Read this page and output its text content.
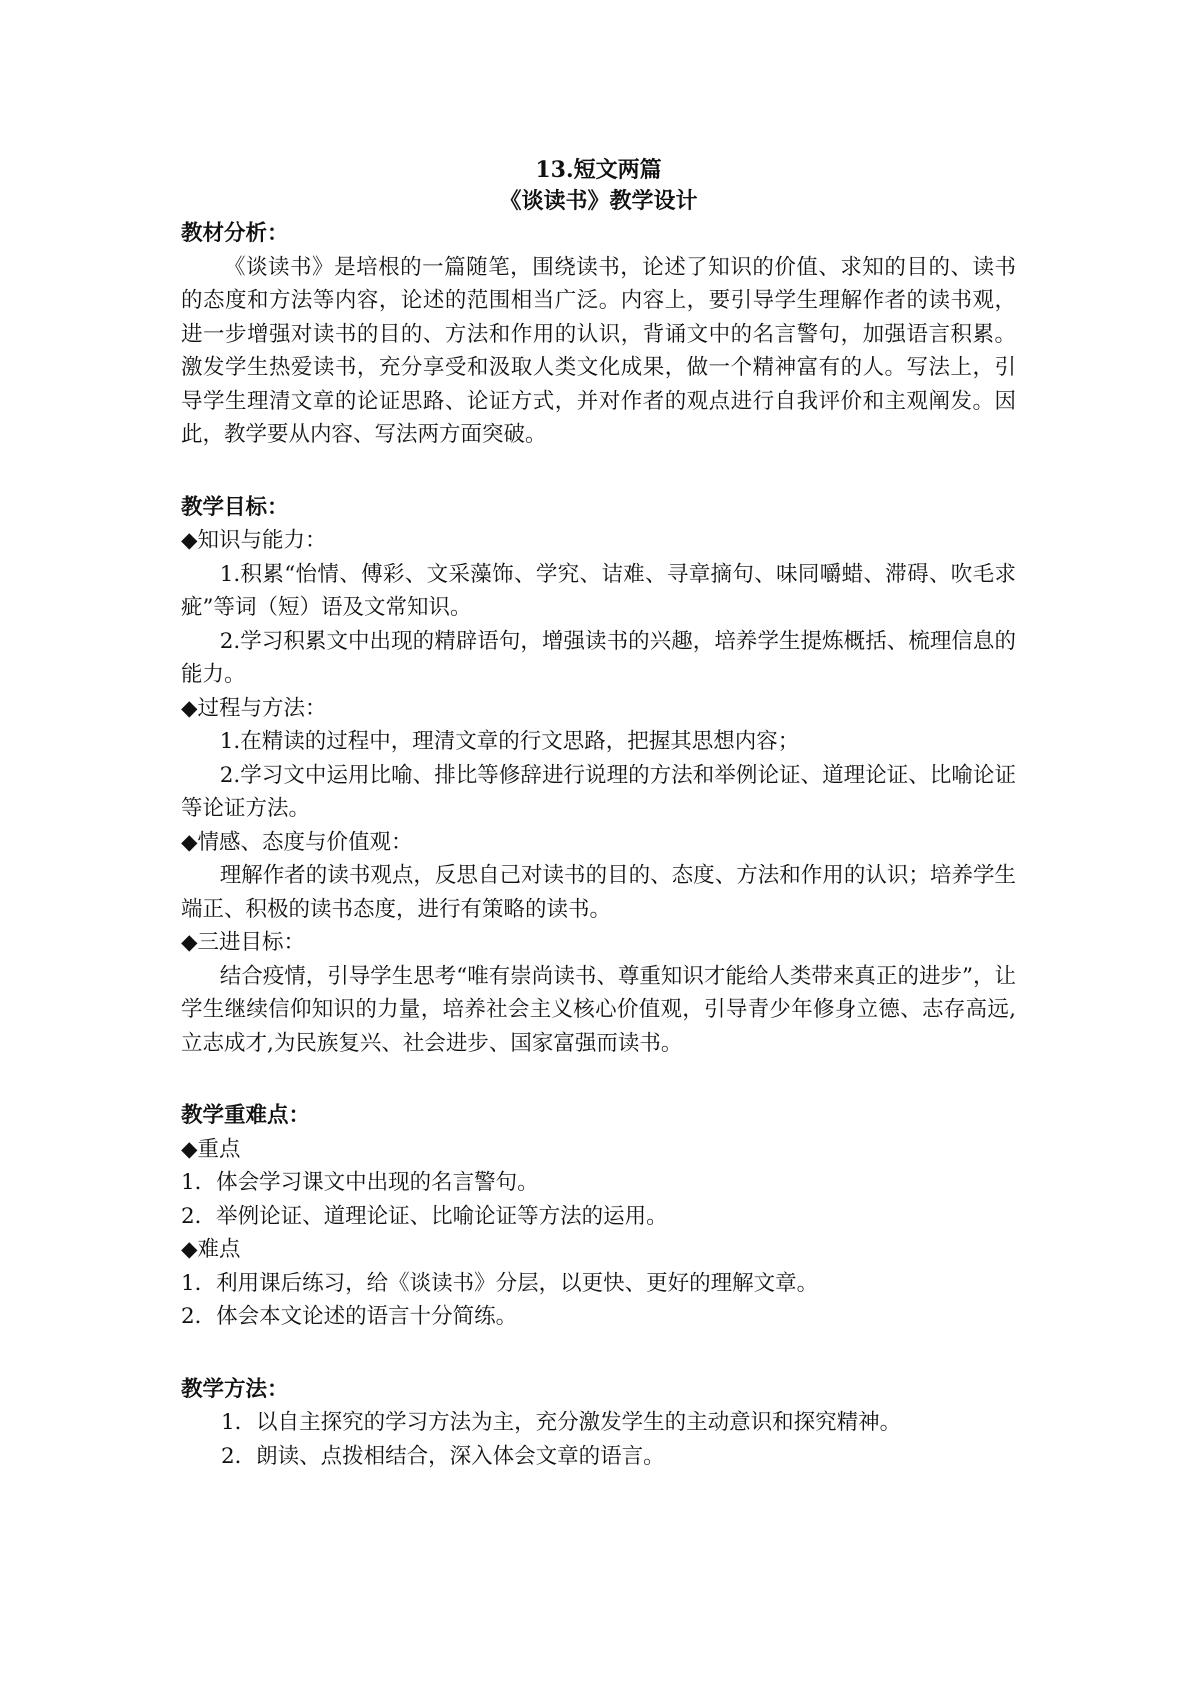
13.短文两篇

《谈读书》教学设计

教材分析：

《谈读书》是培根的一篇随笔，围绕读书，论述了知识的价值、求知的目的、读书的态度和方法等内容，论述的范围相当广泛。内容上，要引导学生理解作者的读书观，进一步增强对读书的目的、方法和作用的认识，背诵文中的名言警句，加强语言积累。激发学生热爱读书，充分享受和汲取人类文化成果，做一个精神富有的人。写法上，引导学生理清文章的论证思路、论证方式，并对作者的观点进行自我评价和主观阐发。因此，教学要从内容、写法两方面突破。

教学目标：

◆知识与能力：

1.积累“怡情、傅彩、文采藻饰、学究、诘难、寻章摘句、味同嚼蜡、滞碍、吹毛求疵”等词（短）语及文常知识。

2.学习积累文中出现的精辟语句，增强读书的兴趣，培养学生提炼概括、梳理信息的能力。

◆过程与方法：

1.在精读的过程中，理清文章的行文思路，把握其思想内容；

2.学习文中运用比喻、排比等修辞进行说理的方法和举例论证、道理论证、比喻论证等论证方法。

◆情感、态度与价值观：

理解作者的读书观点，反思自己对读书的目的、态度、方法和作用的认识；培养学生端正、积极的读书态度，进行有策略的读书。

◆三进目标：

结合疫情，引导学生思考“唯有崇尚读书、尊重知识才能给人类带来真正的进步”，让学生继续信仰知识的力量，培养社会主义核心价值观，引导青少年修身立德、志存高远,立志成才,为民族复兴、社会进步、国家富强而读书。

教学重难点：

◆重点

1．体会学习课文中出现的名言警句。

2．举例论证、道理论证、比喻论证等方法的运用。

◆难点

1．利用课后练习，给《谈读书》分层，以更快、更好的理解文章。

2．体会本文论述的语言十分简练。

教学方法：

1．以自主探究的学习方法为主，充分激发学生的主动意识和探究精神。

2．朗读、点拨相结合，深入体会文章的语言。
